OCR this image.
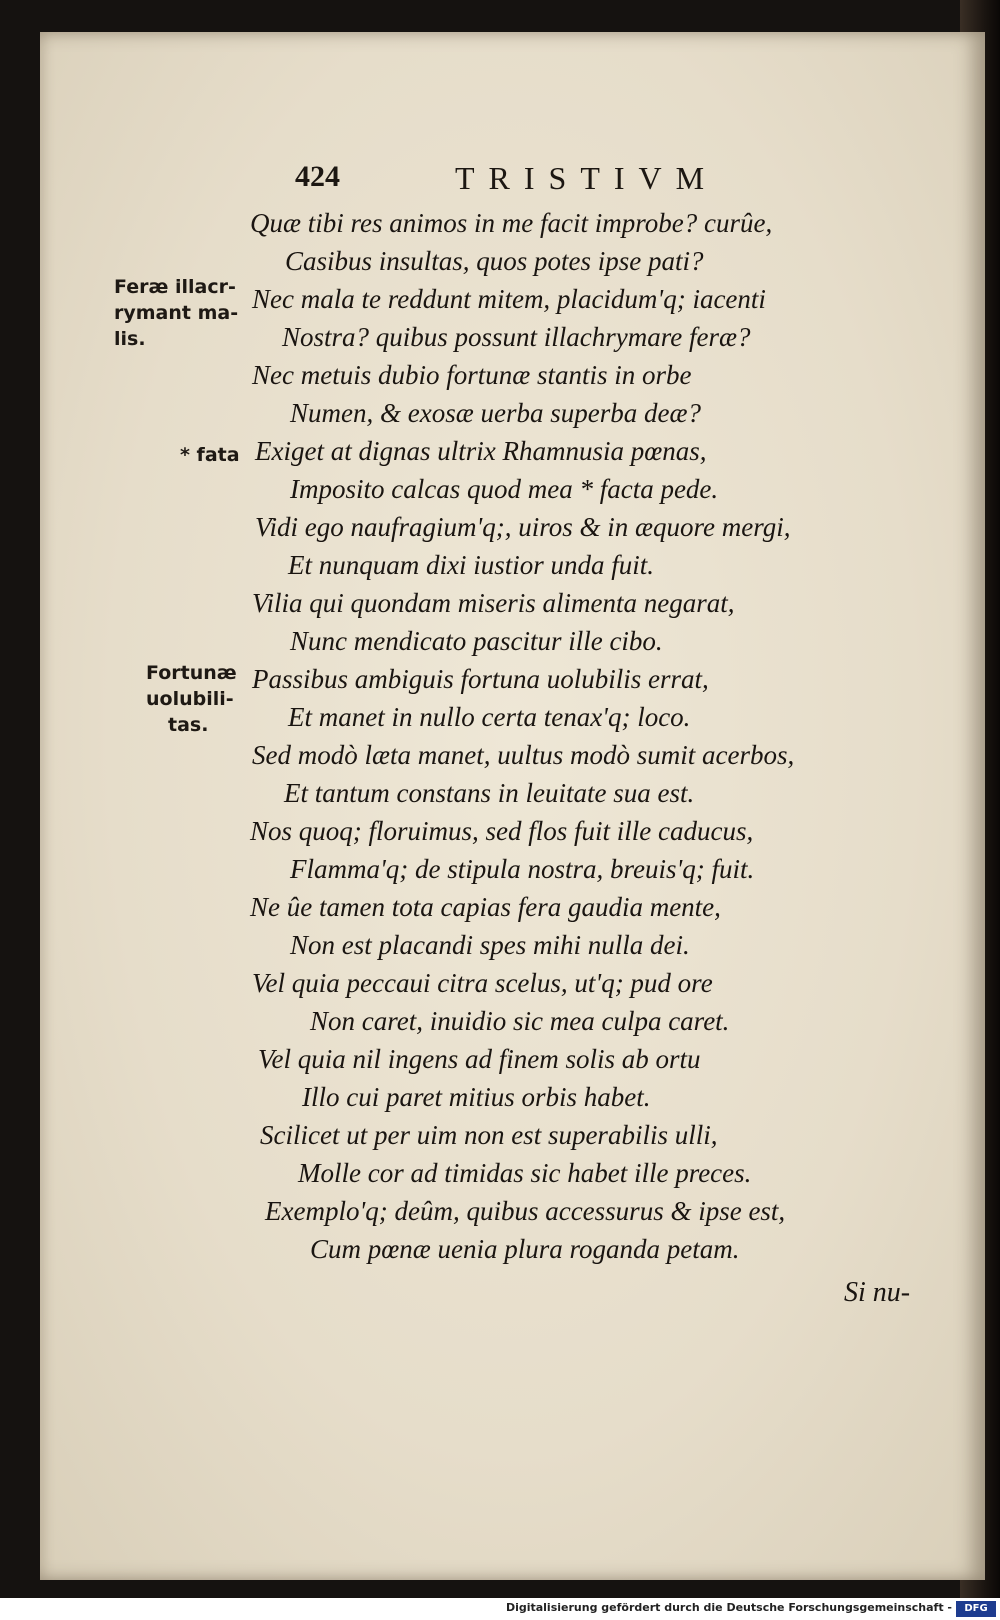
424	TRISTIVM
Quæ tibi res animos in me facit improbe? curûe,
Casibus insultas, quos potes ipse pati?
Nec mala te reddunt mitem, placidum'q; iacenti
Nostra? quibus possunt illachrymare feræ?
Nec metuis dubio fortunæ stantis in orbe
Numen, & exosæ uerba superba deæ?
Exiget at dignas ultrix Rhamnusia pœnas,
Imposito calcas quod mea * facta pede.
Vidi ego naufragium'q;, uiros & in æquore mergi,
Et nunquam dixi iustior unda fuit.
Vilia qui quondam miseris alimenta negarat,
Nunc mendicato pascitur ille cibo.
Passibus ambiguis fortuna uolubilis errat,
Et manet in nullo certa tenax'q; loco.
Sed modò læta manet, uultus modò sumit acerbos,
Et tantum constans in leuitate sua est.
Nos quoq; floruimus, sed flos fuit ille caducus,
Flamma'q; de stipula nostra, breuis'q; fuit.
Ne ûe tamen tota capias fera gaudia mente,
Non est placandi spes mihi nulla dei.
Vel quia peccaui citra scelus, ut'q; pud ore
Non caret, inuidio sic mea culpa caret.
Vel quia nil ingens ad finem solis ab ortu
Illo cui paret mitius orbis habet.
Scilicet ut per uim non est superabilis ulli,
Molle cor ad timidas sic habet ille preces.
Exemplo'q; deûm, quibus accessurus & ipse est,
Cum pœnæ uenia plura roganda petam.
Feræ illacr-
rymant ma-
lis.
* fata
Fortunæ
uolubili-
tas.
Si nu-
Digitalisierung gefördert durch die Deutsche Forschungsgemeinschaft -	DFG
